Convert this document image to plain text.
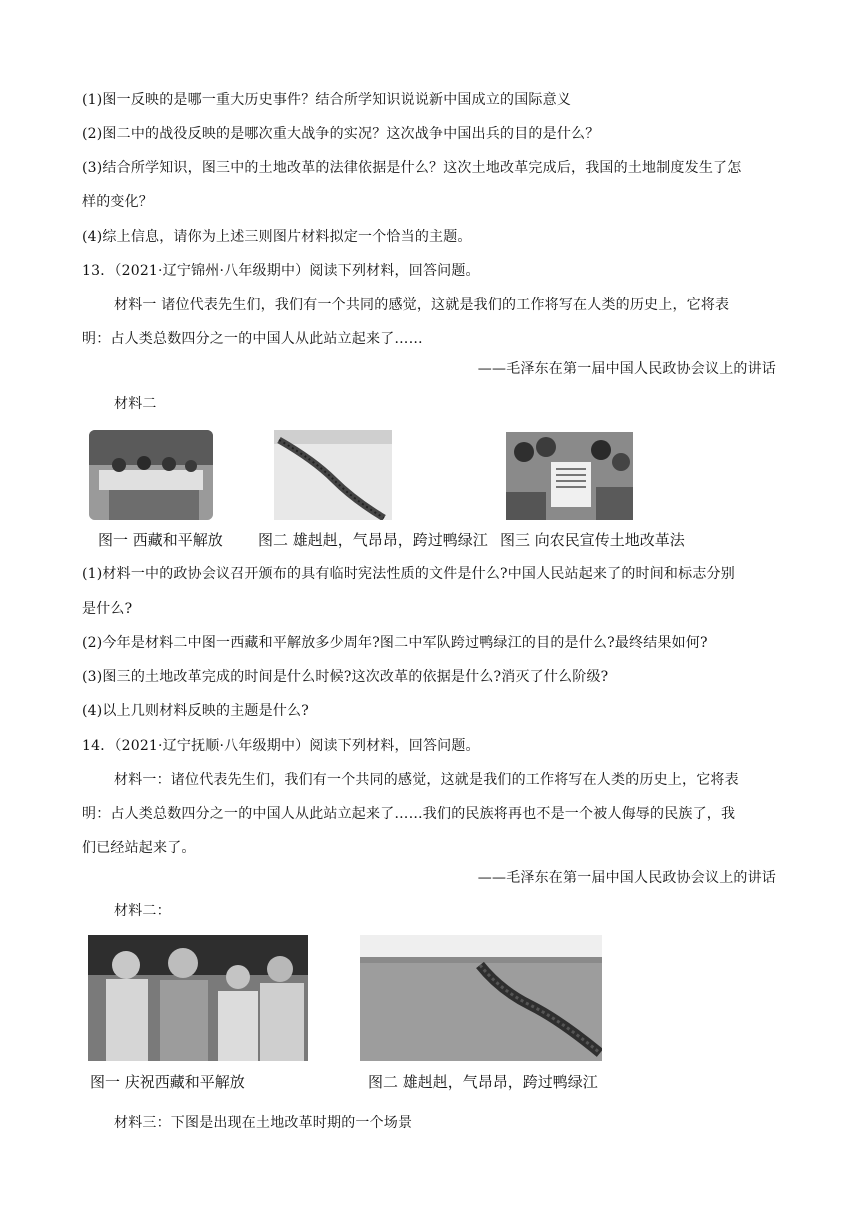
(1)图一反映的是哪一重大历史事件？结合所学知识说说新中国成立的国际意义
(2)图二中的战役反映的是哪次重大战争的实况？这次战争中国出兵的目的是什么？
(3)结合所学知识，图三中的土地改革的法律依据是什么？这次土地改革完成后，我国的土地制度发生了怎
样的变化？
(4)综上信息，请你为上述三则图片材料拟定一个恰当的主题。
13．（2021·辽宁锦州·八年级期中）阅读下列材料，回答问题。
材料一 诸位代表先生们，我们有一个共同的感觉，这就是我们的工作将写在人类的历史上，它将表
明：占人类总数四分之一的中国人从此站立起来了……
——毛泽东在第一届中国人民政协会议上的讲话
材料二
图一 西藏和平解放 图二 雄赳赳，气昂昂，跨过鸭绿江 图三 向农民宣传土地改革法
(1)材料一中的政协会议召开颁布的具有临时宪法性质的文件是什么?中国人民站起来了的时间和标志分别
是什么?
(2)今年是材料二中图一西藏和平解放多少周年?图二中军队跨过鸭绿江的目的是什么?最终结果如何?
(3)图三的土地改革完成的时间是什么时候?这次改革的依据是什么?消灭了什么阶级?
(4)以上几则材料反映的主题是什么?
14．（2021·辽宁抚顺·八年级期中）阅读下列材料，回答问题。
材料一：诸位代表先生们，我们有一个共同的感觉，这就是我们的工作将写在人类的历史上，它将表
明：占人类总数四分之一的中国人从此站立起来了……我们的民族将再也不是一个被人侮辱的民族了，我
们已经站起来了。
——毛泽东在第一届中国人民政协会议上的讲话
材料二：
图一 庆祝西藏和平解放	图二 雄赳赳，气昂昂，跨过鸭绿江
材料三：下图是出现在土地改革时期的一个场景
